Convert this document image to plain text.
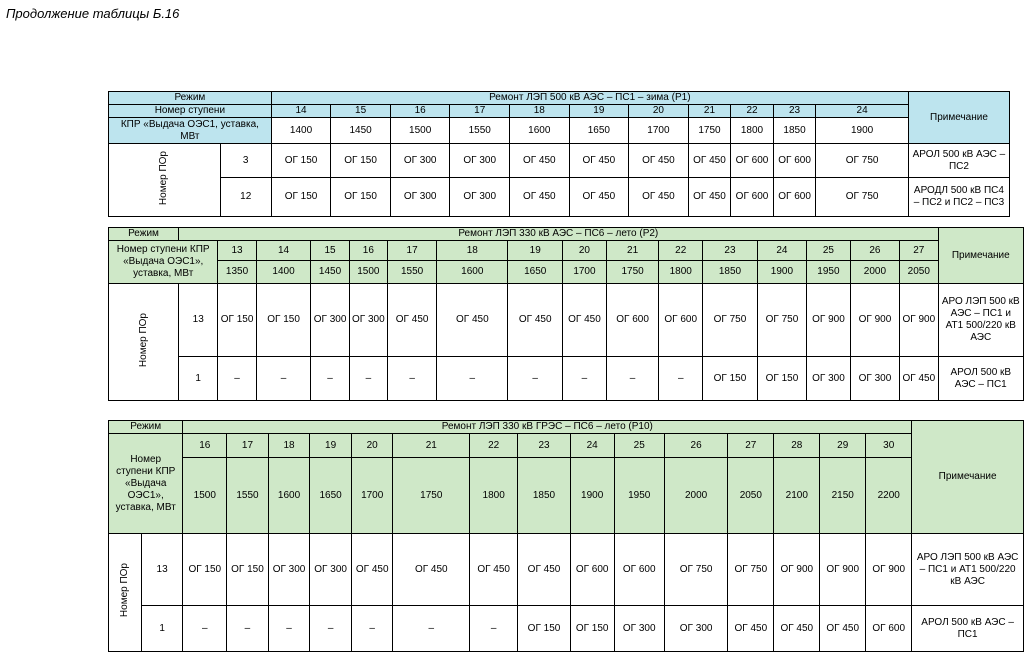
Продолжение таблицы Б.16
Режим		Ремонт ЛЭП 500 кВ АЭС – ПС1 – зима (Р1)											Примечание
Номер ступени		14	15	16	17	18	19	20	21	22	23	24	
КПР «Выдача ОЭС1, уставка, МВт		1400	1450	1500	1550	1600	1650	1700	1750	1800	1850	1900	
Номер ПОр	3	ОГ 150	ОГ 150	ОГ 300	ОГ 300	ОГ 450	ОГ 450	ОГ 450	ОГ 450	ОГ 600	ОГ 600	ОГ 750	АРОЛ 500 кВ АЭС – ПС2
	12	ОГ 150	ОГ 150	ОГ 300	ОГ 300	ОГ 450	ОГ 450	ОГ 450	ОГ 450	ОГ 600	ОГ 600	ОГ 750	АРОДЛ 500 кВ ПС4 – ПС2 и ПС2 – ПС3
Режим	Ремонт ЛЭП 330 кВ АЭС – ПС6 – лето (Р2)																Примечание
Номер ступени КПР «Выдача ОЭС1», уставка, МВт		13	14	15	16	17	18	19	20	21	22	23	24	25	26	27	
		1350	1400	1450	1500	1550	1600	1650	1700	1750	1800	1850	1900	1950	2000	2050	
Номер ПОр	13	ОГ 150	ОГ 150	ОГ 300	ОГ 300	ОГ 450	ОГ 450	ОГ 450	ОГ 450	ОГ 600	ОГ 600	ОГ 750	ОГ 750	ОГ 900	ОГ 900	ОГ 900	АРО ЛЭП 500 кВ АЭС – ПС1 и АТ1 500/220 кВ АЭС
	1	–	–	–	–	–	–	–	–	–	–	ОГ 150	ОГ 150	ОГ 300	ОГ 300	ОГ 450	АРОЛ 500 кВ АЭС – ПС1
Режим		Ремонт ЛЭП 330 кВ ГРЭС – ПС6 – лето (Р10)															Примечание
Номер ступени КПР «Выдача ОЭС1», уставка, МВт		16	17	18	19	20	21	22	23	24	25	26	27	28	29	30	
		1500	1550	1600	1650	1700	1750	1800	1850	1900	1950	2000	2050	2100	2150	2200	
Номер ПОр	13	ОГ 150	ОГ 150	ОГ 300	ОГ 300	ОГ 450	ОГ 450	ОГ 450	ОГ 450	ОГ 600	ОГ 600	ОГ 750	ОГ 750	ОГ 900	ОГ 900	ОГ 900	АРО ЛЭП 500 кВ АЭС – ПС1 и АТ1 500/220 кВ АЭС
	1	–	–	–	–	–	–	–	ОГ 150	ОГ 150	ОГ 300	ОГ 300	ОГ 450	ОГ 450	ОГ 450	ОГ 600	АРОЛ 500 кВ АЭС – ПС1
